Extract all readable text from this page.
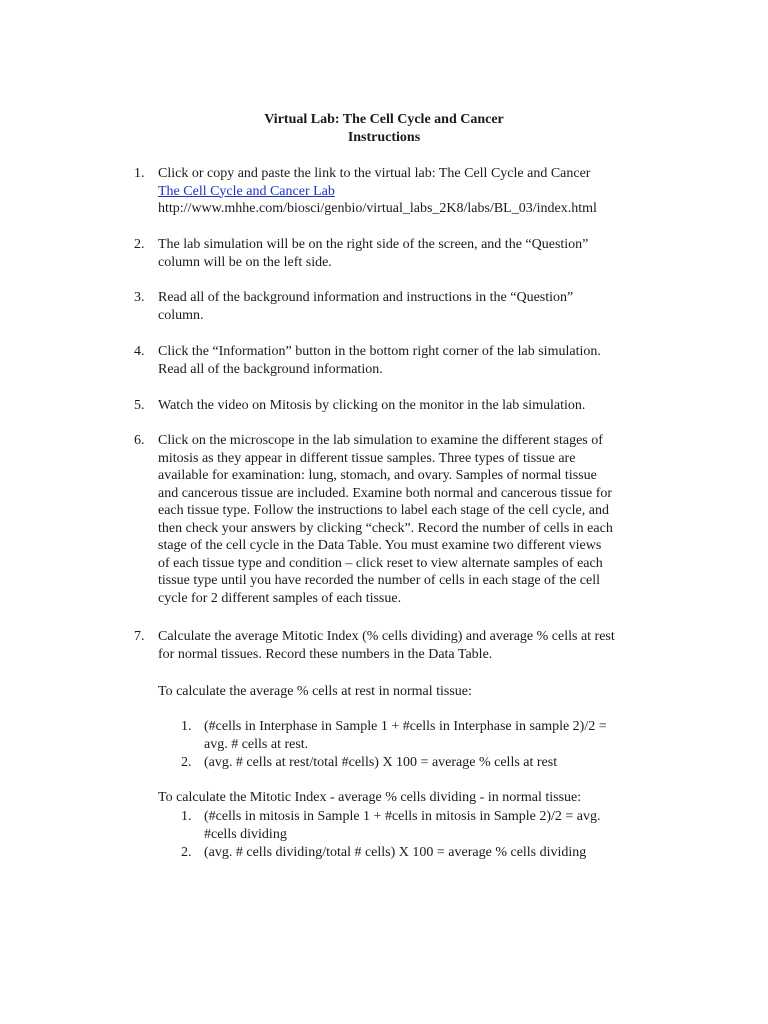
Virtual Lab: The Cell Cycle and Cancer
Instructions
1. Click or copy and paste the link to the virtual lab: The Cell Cycle and Cancer
The Cell Cycle and Cancer Lab
http://www.mhhe.com/biosci/genbio/virtual_labs_2K8/labs/BL_03/index.html
2. The lab simulation will be on the right side of the screen, and the “Question”
column will be on the left side.
3. Read all of the background information and instructions in the “Question”
column.
4. Click the “Information” button in the bottom right corner of the lab simulation.
Read all of the background information.
5. Watch the video on Mitosis by clicking on the monitor in the lab simulation.
6. Click on the microscope in the lab simulation to examine the different stages of
mitosis as they appear in different tissue samples. Three types of tissue are
available for examination: lung, stomach, and ovary. Samples of normal tissue
and cancerous tissue are included. Examine both normal and cancerous tissue for
each tissue type. Follow the instructions to label each stage of the cell cycle, and
then check your answers by clicking “check”. Record the number of cells in each
stage of the cell cycle in the Data Table. You must examine two different views
of each tissue type and condition – click reset to view alternate samples of each
tissue type until you have recorded the number of cells in each stage of the cell
cycle for 2 different samples of each tissue.
7. Calculate the average Mitotic Index (% cells dividing) and average % cells at rest
for normal tissues. Record these numbers in the Data Table.
To calculate the average % cells at rest in normal tissue:
1. (#cells in Interphase in Sample 1 + #cells in Interphase in sample 2)/2 =
avg. # cells at rest.
2. (avg. # cells at rest/total #cells) X 100 = average % cells at rest
To calculate the Mitotic Index - average % cells dividing - in normal tissue:
1. (#cells in mitosis in Sample 1 + #cells in mitosis in Sample 2)/2 = avg.
#cells dividing
2. (avg. # cells dividing/total # cells) X 100 = average % cells dividing
